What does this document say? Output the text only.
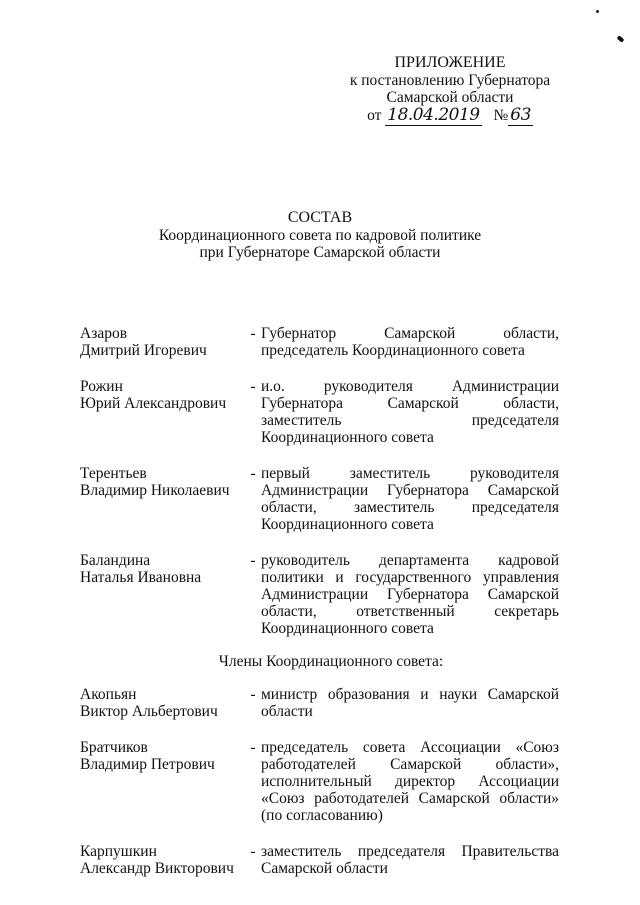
ПРИЛОЖЕНИЕ
к постановлению Губернатора
Самарской области
от 18.04.2019 № 63
СОСТАВ
Координационного совета по кадровой политике
при Губернаторе Самарской области
Азаров
Дмитрий Игоревич
- Губернатор Самарской области, председатель Координационного совета
Рожин
Юрий Александрович
- и.о. руководителя Администрации Губернатора Самарской области, заместитель председателя Координационного совета
Терентьев
Владимир Николаевич
- первый заместитель руководителя Администрации Губернатора Самарской области, заместитель председателя Координационного совета
Баландина
Наталья Ивановна
- руководитель департамента кадровой политики и государственного управления Администрации Губернатора Самарской области, ответственный секретарь Координационного совета
Члены Координационного совета:
Акопьян
Виктор Альбертович
- министр образования и науки Самарской области
Братчиков
Владимир Петрович
- председатель совета Ассоциации «Союз работодателей Самарской области», исполнительный директор Ассоциации «Союз работодателей Самарской области» (по согласованию)
Карпушкин
Александр Викторович
- заместитель председателя Правительства Самарской области
